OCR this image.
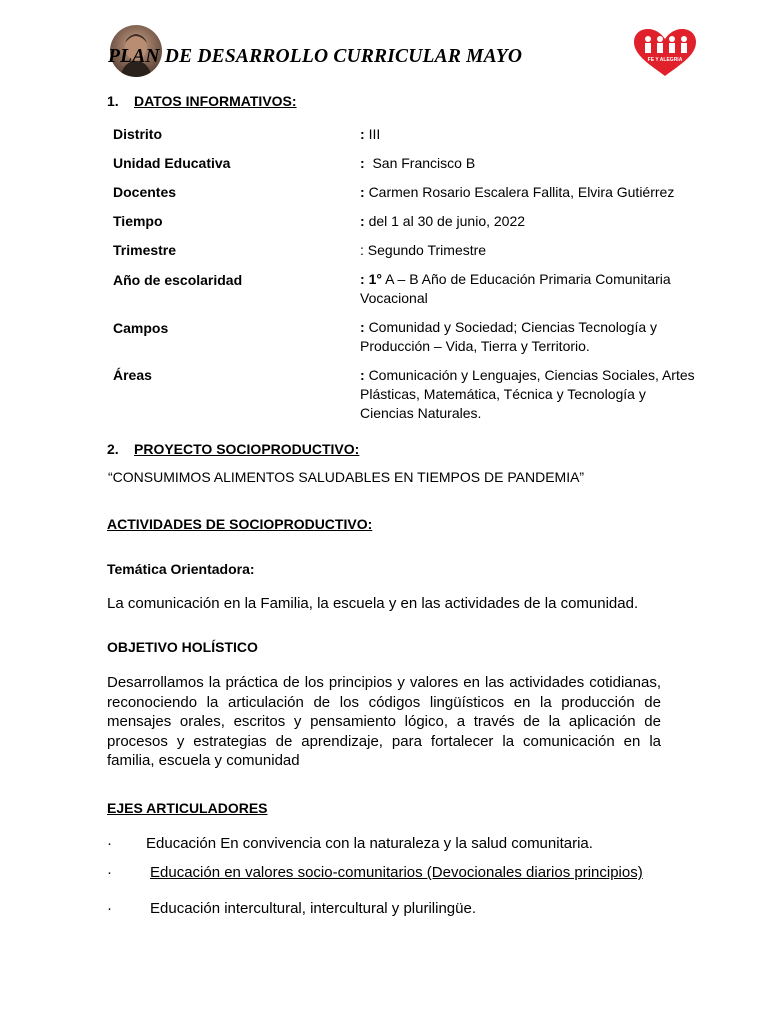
PLAN DE DESARROLLO CURRICULAR MAYO	FE Y ALEGRIA
1. DATOS INFORMATIVOS:
Distrito	: III
Unidad Educativa	:  San Francisco B
Docentes	: Carmen Rosario Escalera Fallita, Elvira Gutiérrez
Tiempo	: del 1 al 30 de junio, 2022
Trimestre	: Segundo Trimestre
Año de escolaridad	: 1° A – B Año de Educación Primaria Comunitaria Vocacional
Campos	: Comunidad y Sociedad; Ciencias Tecnología y Producción – Vida, Tierra y Territorio.
Áreas	: Comunicación y Lenguajes, Ciencias Sociales, Artes Plásticas, Matemática, Técnica y Tecnología y Ciencias Naturales.
2. PROYECTO SOCIOPRODUCTIVO:
“CONSUMIMOS ALIMENTOS SALUDABLES EN TIEMPOS DE PANDEMIA”
ACTIVIDADES DE SOCIOPRODUCTIVO:
Temática Orientadora:
La comunicación en la Familia, la escuela y en las actividades de la comunidad.
OBJETIVO HOLÍSTICO
Desarrollamos la práctica de los principios y valores en las actividades cotidianas, reconociendo la articulación de los códigos lingüísticos en la producción de mensajes orales, escritos y pensamiento lógico, a través de la aplicación de procesos y estrategias de aprendizaje, para fortalecer la comunicación en la familia, escuela y comunidad
EJES ARTICULADORES
· Educación En convivencia con la naturaleza y la salud comunitaria.
·	Educación en valores socio-comunitarios (Devocionales diarios principios)
·	Educación intercultural, intercultural y plurilingüe.
